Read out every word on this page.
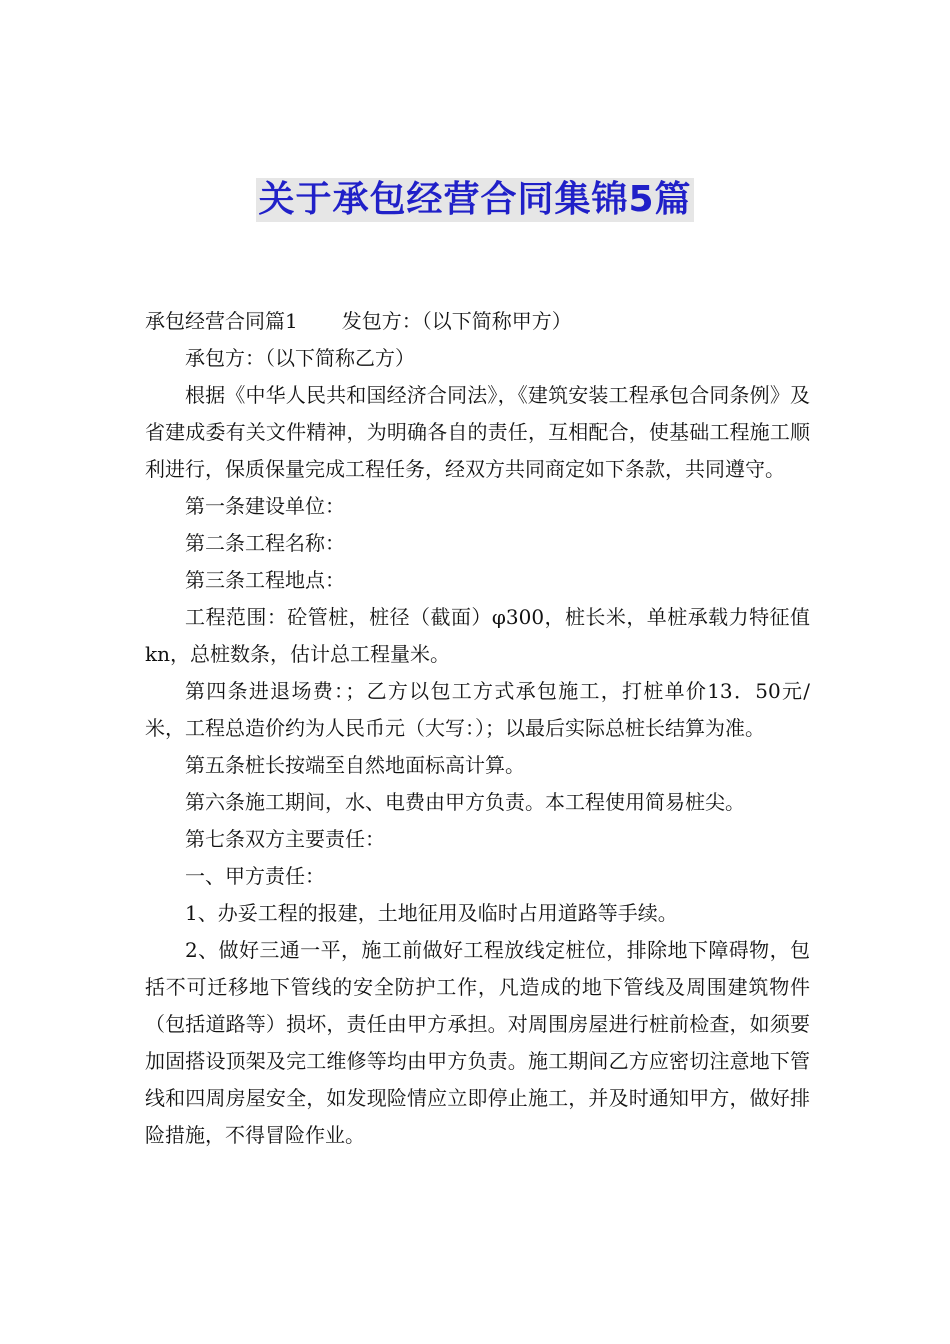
关于承包经营合同集锦5篇

承包经营合同篇1 发包方：（以下简称甲方）

承包方：（以下简称乙方）

根据《中华人民共和国经济合同法》，《建筑安装工程承包合同条例》及省建成委有关文件精神，为明确各自的责任，互相配合，使基础工程施工顺利进行，保质保量完成工程任务，经双方共同商定如下条款，共同遵守。

第一条建设单位：

第二条工程名称：

第三条工程地点：

工程范围：砼管桩，桩径（截面）φ300，桩长米，单桩承载力特征值kn，总桩数条，估计总工程量米。

第四条进退场费：；乙方以包工方式承包施工，打桩单价13．50元/米，工程总造价约为人民币元（大写：）；以最后实际总桩长结算为准。

第五条桩长按端至自然地面标高计算。

第六条施工期间，水、电费由甲方负责。本工程使用简易桩尖。

第七条双方主要责任：

一、甲方责任：

1、办妥工程的报建，土地征用及临时占用道路等手续。

2、做好三通一平，施工前做好工程放线定桩位，排除地下障碍物，包括不可迁移地下管线的安全防护工作，凡造成的地下管线及周围建筑物件（包括道路等）损坏，责任由甲方承担。对周围房屋进行桩前检查，如须要加固搭设顶架及完工维修等均由甲方负责。施工期间乙方应密切注意地下管线和四周房屋安全，如发现险情应立即停止施工，并及时通知甲方，做好排险措施，不得冒险作业。
